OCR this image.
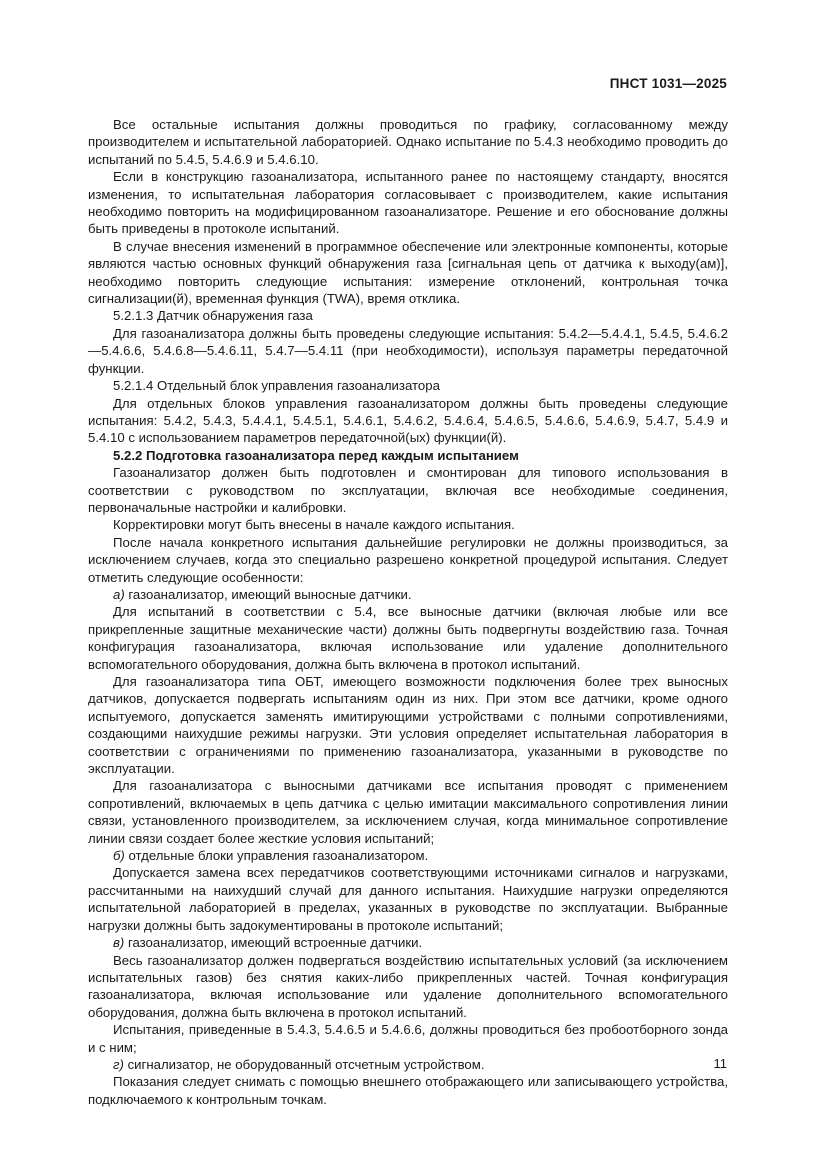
ПНСТ 1031—2025

Все остальные испытания должны проводиться по графику, согласованному между производителем и испытательной лабораторией. Однако испытание по 5.4.3 необходимо проводить до испытаний по 5.4.5, 5.4.6.9 и 5.4.6.10.

Если в конструкцию газоанализатора, испытанного ранее по настоящему стандарту, вносятся изменения, то испытательная лаборатория согласовывает с производителем, какие испытания необходимо повторить на модифицированном газоанализаторе. Решение и его обоснование должны быть приведены в протоколе испытаний.

В случае внесения изменений в программное обеспечение или электронные компоненты, которые являются частью основных функций обнаружения газа [сигнальная цепь от датчика к выходу(ам)], необходимо повторить следующие испытания: измерение отклонений, контрольная точка сигнализации(й), временная функция (TWA), время отклика.

5.2.1.3 Датчик обнаружения газа

Для газоанализатора должны быть проведены следующие испытания: 5.4.2—5.4.4.1, 5.4.5, 5.4.6.2—5.4.6.6, 5.4.6.8—5.4.6.11, 5.4.7—5.4.11 (при необходимости), используя параметры передаточной функции.

5.2.1.4 Отдельный блок управления газоанализатора

Для отдельных блоков управления газоанализатором должны быть проведены следующие испытания: 5.4.2, 5.4.3, 5.4.4.1, 5.4.5.1, 5.4.6.1, 5.4.6.2, 5.4.6.4, 5.4.6.5, 5.4.6.6, 5.4.6.9, 5.4.7, 5.4.9 и 5.4.10 с использованием параметров передаточной(ых) функции(й).

5.2.2 Подготовка газоанализатора перед каждым испытанием

Газоанализатор должен быть подготовлен и смонтирован для типового использования в соответствии с руководством по эксплуатации, включая все необходимые соединения, первоначальные настройки и калибровки.

Корректировки могут быть внесены в начале каждого испытания.

После начала конкретного испытания дальнейшие регулировки не должны производиться, за исключением случаев, когда это специально разрешено конкретной процедурой испытания. Следует отметить следующие особенности:

а) газоанализатор, имеющий выносные датчики.

Для испытаний в соответствии с 5.4, все выносные датчики (включая любые или все прикрепленные защитные механические части) должны быть подвергнуты воздействию газа. Точная конфигурация газоанализатора, включая использование или удаление дополнительного вспомогательного оборудования, должна быть включена в протокол испытаний.

Для газоанализатора типа ОБТ, имеющего возможности подключения более трех выносных датчиков, допускается подвергать испытаниям один из них. При этом все датчики, кроме одного испытуемого, допускается заменять имитирующими устройствами с полными сопротивлениями, создающими наихудшие режимы нагрузки. Эти условия определяет испытательная лаборатория в соответствии с ограничениями по применению газоанализатора, указанными в руководстве по эксплуатации.

Для газоанализатора с выносными датчиками все испытания проводят с применением сопротивлений, включаемых в цепь датчика с целью имитации максимального сопротивления линии связи, установленного производителем, за исключением случая, когда минимальное сопротивление линии связи создает более жесткие условия испытаний;

б) отдельные блоки управления газоанализатором.

Допускается замена всех передатчиков соответствующими источниками сигналов и нагрузками, рассчитанными на наихудший случай для данного испытания. Наихудшие нагрузки определяются испытательной лабораторией в пределах, указанных в руководстве по эксплуатации. Выбранные нагрузки должны быть задокументированы в протоколе испытаний;

в) газоанализатор, имеющий встроенные датчики.

Весь газоанализатор должен подвергаться воздействию испытательных условий (за исключением испытательных газов) без снятия каких-либо прикрепленных частей. Точная конфигурация газоанализатора, включая использование или удаление дополнительного вспомогательного оборудования, должна быть включена в протокол испытаний.

Испытания, приведенные в 5.4.3, 5.4.6.5 и 5.4.6.6, должны проводиться без пробоотборного зонда и с ним;

г) сигнализатор, не оборудованный отсчетным устройством.

Показания следует снимать с помощью внешнего отображающего или записывающего устройства, подключаемого к контрольным точкам.

11
